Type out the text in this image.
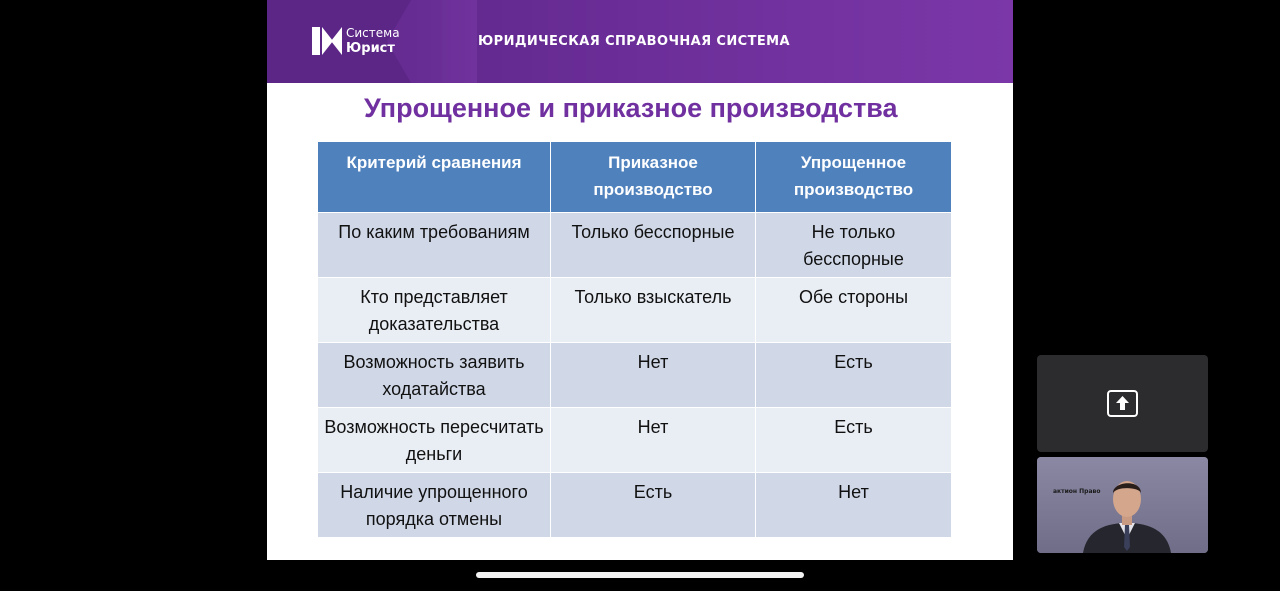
Система
Юрист	ЮРИДИЧЕСКАЯ СПРАВОЧНАЯ СИСТЕМА
Упрощенное и приказное производства
Критерий сравнения	Приказное производство	Упрощенное производство
По каким требованиям	Только бесспорные	Не только бесспорные
Кто представляет доказательства	Только взыскатель	Обе стороны
Возможность заявить ходатайства	Нет	Есть
Возможность пересчитать деньги	Нет	Есть
Наличие упрощенного порядка отмены	Есть	Нет	актион Право
